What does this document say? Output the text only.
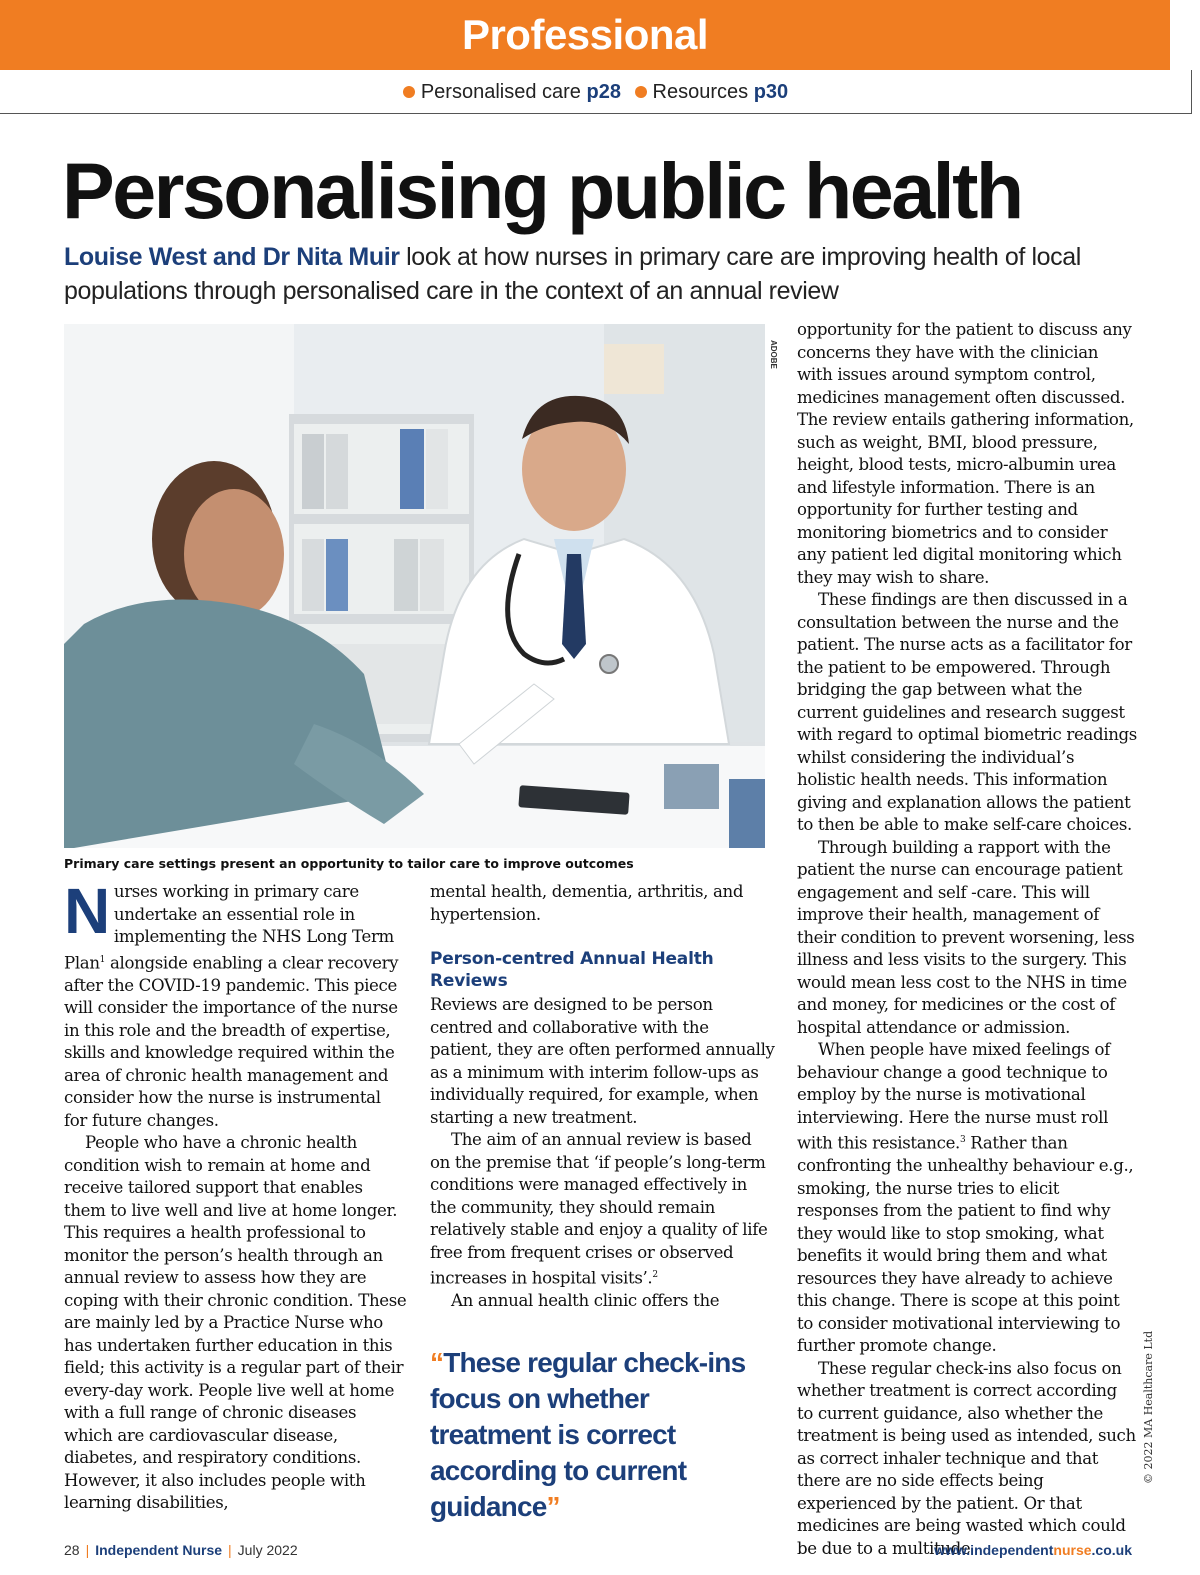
Professional
Personalised care p28 Resources p30
Personalising public health
Louise West and Dr Nita Muir look at how nurses in primary care are improving health of local populations through personalised care in the context of an annual review
ADOBE
Primary care settings present an opportunity to tailor care to improve outcomes

Nurses working in primary care undertake an essential role in implementing the NHS Long Term Plan$^1$ alongside enabling a clear recovery after the COVID-19 pandemic. This piece will consider the importance of the nurse in this role and the breadth of expertise, skills and knowledge required within the area of chronic health management and consider how the nurse is instrumental for future changes.

People who have a chronic health condition wish to remain at home and receive tailored support that enables them to live well and live at home longer. This requires a health professional to monitor the person’s health through an annual review to assess how they are coping with their chronic condition. These are mainly led by a Practice Nurse who has undertaken further education in this field; this activity is a regular part of their every-day work. People live well at home with a full range of chronic diseases which are cardiovascular disease, diabetes, and respiratory conditions. However, it also includes people with learning disabilities,

mental health, dementia, arthritis, and hypertension.

Person-centred Annual Health Reviews

Reviews are designed to be person centred and collaborative with the patient, they are often performed annually as a minimum with interim follow-ups as individually required, for example, when starting a new treatment.

The aim of an annual review is based on the premise that ‘if people’s long-term conditions were managed effectively in the community, they should remain relatively stable and enjoy a quality of life free from frequent crises or observed increases in hospital visits’.$^2$

An annual health clinic offers the

“These regular check-ins focus on whether treatment is correct according to current guidance”

opportunity for the patient to discuss any concerns they have with the clinician with issues around symptom control, medicines management often discussed. The review entails gathering information, such as weight, BMI, blood pressure, height, blood tests, micro-albumin urea and lifestyle information. There is an opportunity for further testing and monitoring biometrics and to consider any patient led digital monitoring which they may wish to share.

These findings are then discussed in a consultation between the nurse and the patient. The nurse acts as a facilitator for the patient to be empowered. Through bridging the gap between what the current guidelines and research suggest with regard to optimal biometric readings whilst considering the individual’s holistic health needs. This information giving and explanation allows the patient to then be able to make self-care choices.

Through building a rapport with the patient the nurse can encourage patient engagement and self -care. This will improve their health, management of their condition to prevent worsening, less illness and less visits to the surgery. This would mean less cost to the NHS in time and money, for medicines or the cost of hospital attendance or admission.

When people have mixed feelings of behaviour change a good technique to employ by the nurse is motivational interviewing. Here the nurse must roll with this resistance.$^3$ Rather than confronting the unhealthy behaviour e.g., smoking, the nurse tries to elicit responses from the patient to find why they would like to stop smoking, what benefits it would bring them and what resources they have already to achieve this change. There is scope at this point to consider motivational interviewing to further promote change.

These regular check-ins also focus on whether treatment is correct according to current guidance, also whether the treatment is being used as intended, such as correct inhaler technique and that there are no side effects being experienced by the patient. Or that medicines are being wasted which could be due to a multitude

© 2022 MA Healthcare Ltd
28 | Independent Nurse | July 2022	www.independentnurse.co.uk
